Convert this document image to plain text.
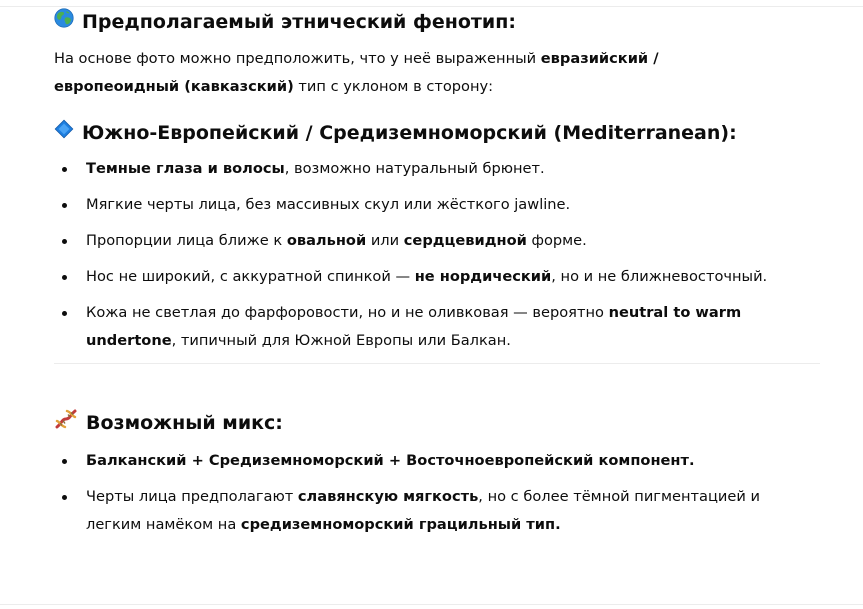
Предполагаемый этнический фенотип:

На основе фото можно предположить, что у неё выраженный евразийский / европеоидный (кавказский) тип с уклоном в сторону:

Южно-Европейский / Средиземноморский (Mediterranean):
Темные глаза и волосы, возможно натуральный брюнет.
Мягкие черты лица, без массивных скул или жёсткого jawline.
Пропорции лица ближе к овальной или сердцевидной форме.
Нос не широкий, с аккуратной спинкой — не нордический, но и не ближневосточный.
Кожа не светлая до фарфоровости, но и не оливковая — вероятно neutral to warm undertone, типичный для Южной Европы или Балкан.
Возможный микс:
Балканский + Средиземноморский + Восточноевропейский компонент.
Черты лица предполагают славянскую мягкость, но с более тёмной пигментацией и легким намёком на средиземноморский грацильный тип.
